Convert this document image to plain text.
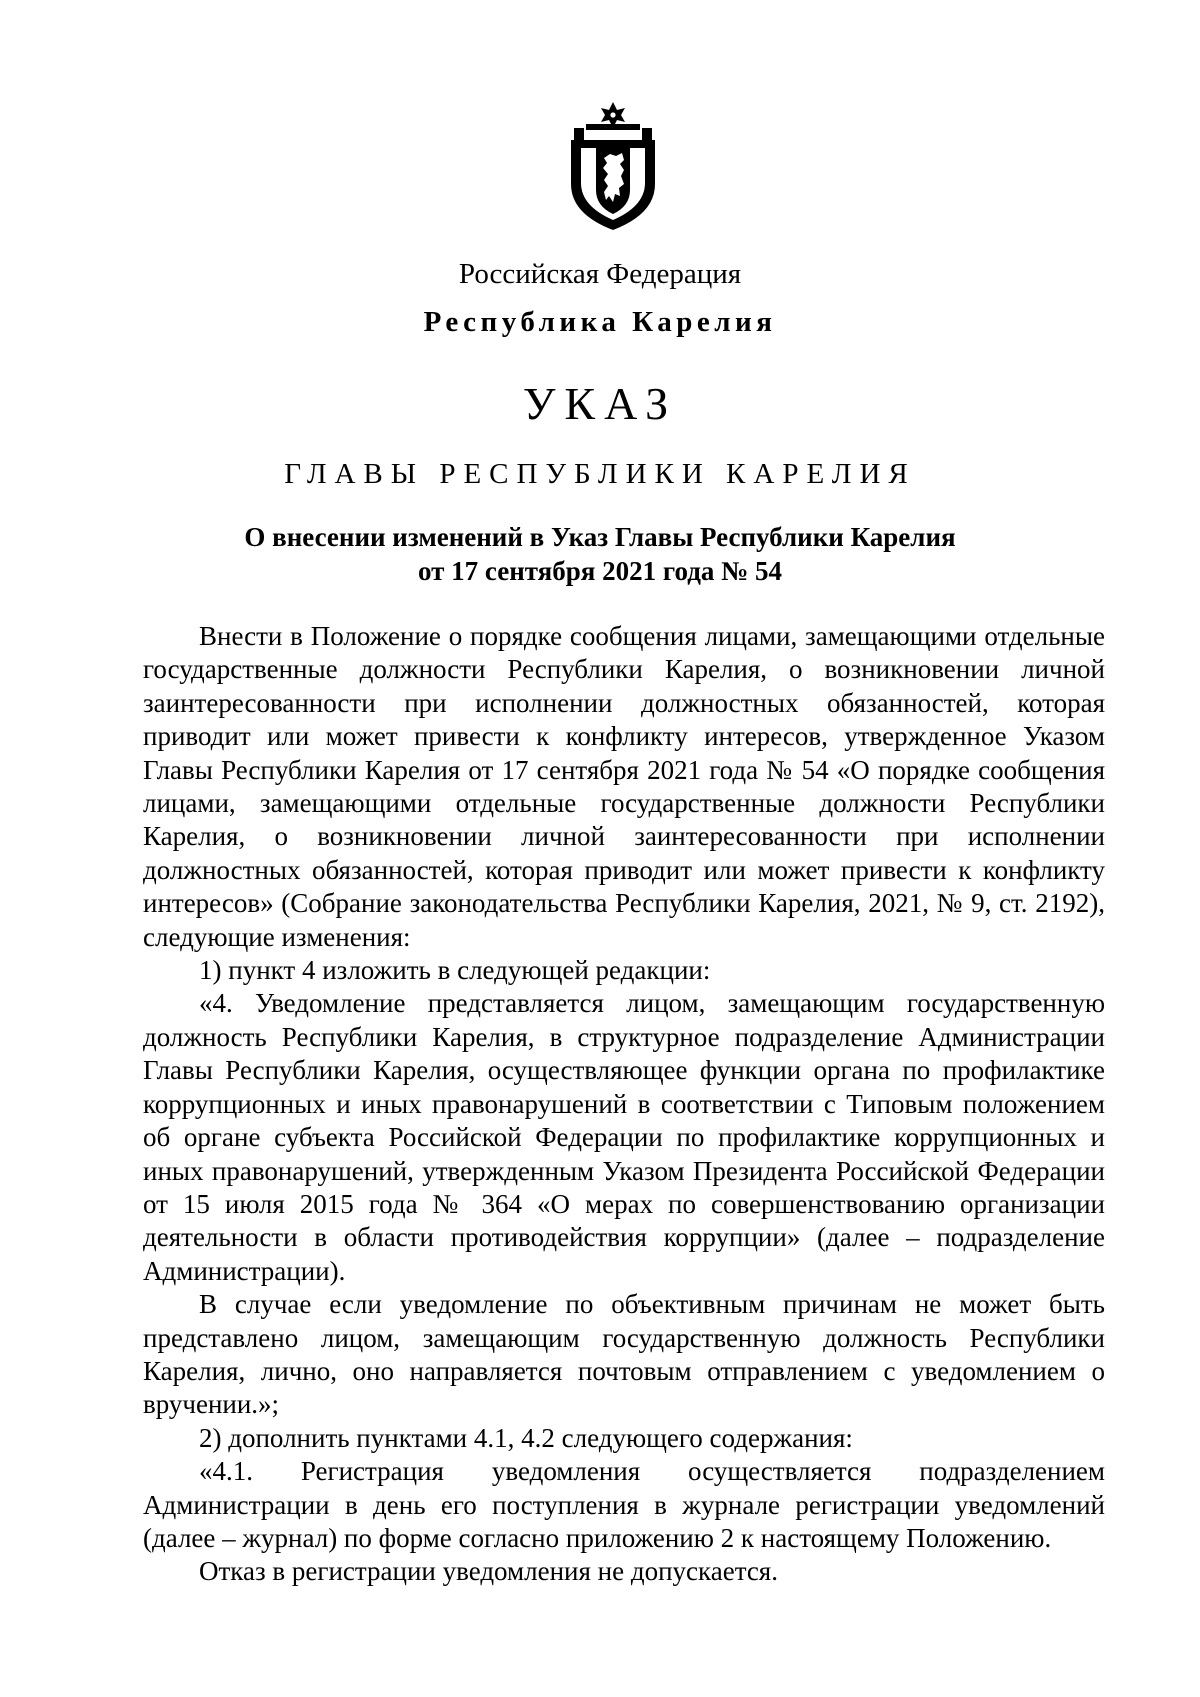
Российская Федерация
Республика Карелия
УКАЗ
ГЛАВЫ РЕСПУБЛИКИ КАРЕЛИЯ
О внесении изменений в Указ Главы Республики Карелия
от 17 сентября 2021 года № 54

Внести в Положение о порядке сообщения лицами, замещающими отдельные государственные должности Республики Карелия, о возникновении личной заинтересованности при исполнении должностных обязанностей, которая приводит или может привести к конфликту интересов, утвержденное Указом Главы Республики Карелия от 17 сентября 2021 года № 54 «О порядке сообщения лицами, замещающими отдельные государственные должности Республики Карелия, о возникновении личной заинтересованности при исполнении должностных обязанностей, которая приводит или может привести к конфликту интересов» (Собрание законодательства Республики Карелия, 2021, № 9, ст. 2192), следующие изменения:

1) пункт 4 изложить в следующей редакции:

«4. Уведомление представляется лицом, замещающим государственную должность Республики Карелия, в структурное подразделение Администрации Главы Республики Карелия, осуществляющее функции органа по профилактике коррупционных и иных правонарушений в соответствии с Типовым положением об органе субъекта Российской Федерации по профилактике коррупционных и иных правонарушений, утвержденным Указом Президента Российской Федерации от 15 июля 2015 года № 364 «О мерах по совершенствованию организации деятельности в области противодействия коррупции» (далее – подразделение Администрации).

В случае если уведомление по объективным причинам не может быть представлено лицом, замещающим государственную должность Республики Карелия, лично, оно направляется почтовым отправлением с уведомлением о вручении.»;

2) дополнить пунктами 4.1, 4.2 следующего содержания:

«4.1. Регистрация уведомления осуществляется подразделением Администрации в день его поступления в журнале регистрации уведомлений (далее – журнал) по форме согласно приложению 2 к настоящему Положению.

Отказ в регистрации уведомления не допускается.
